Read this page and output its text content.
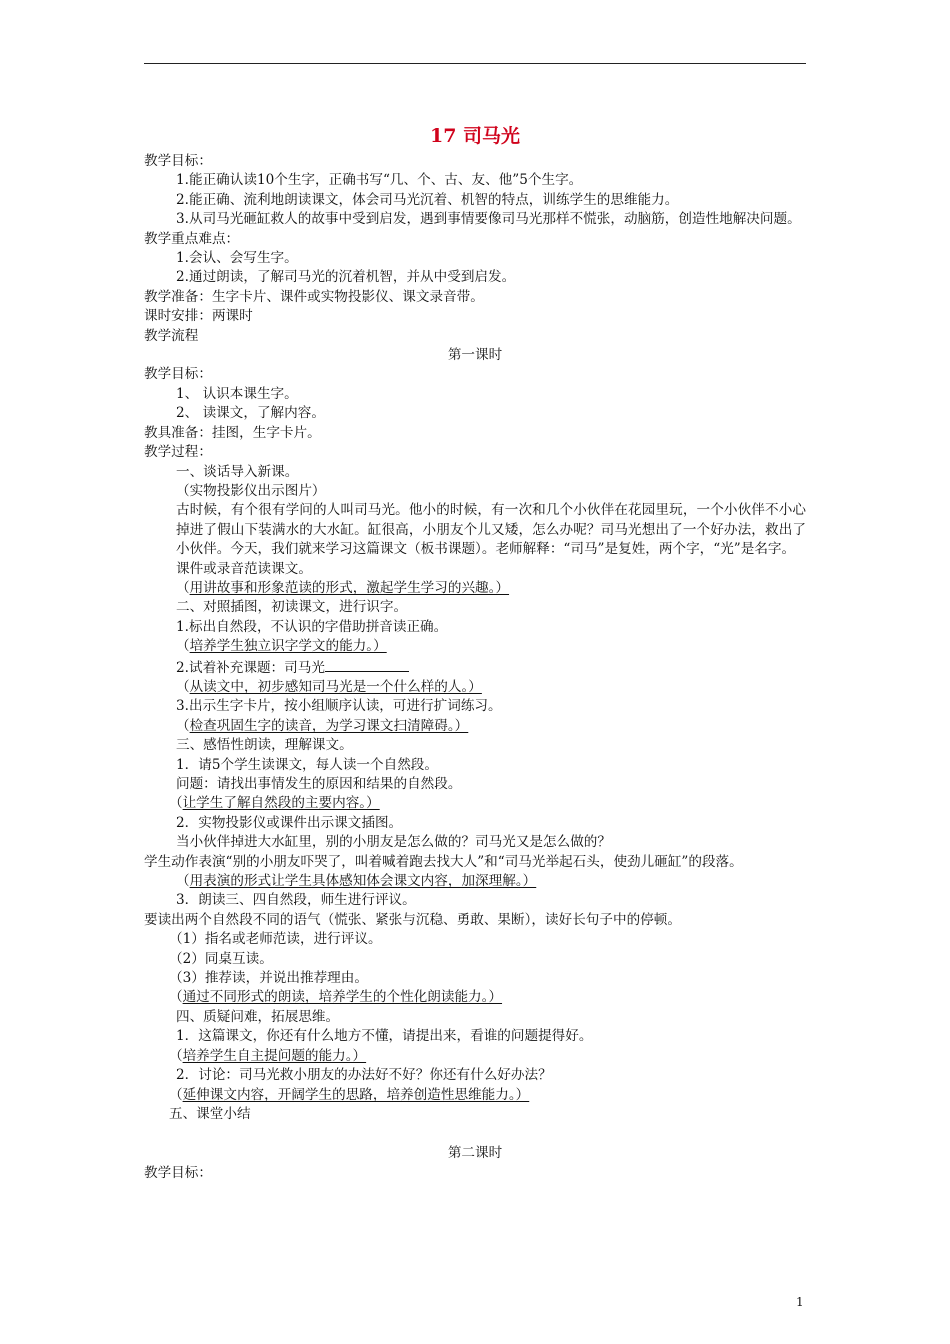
17 司马光
教学目标：
1.能正确认读10个生字，正确书写“几、个、古、友、他”5个生字。
2.能正确、流利地朗读课文，体会司马光沉着、机智的特点，训练学生的思维能力。
3.从司马光砸缸救人的故事中受到启发，遇到事情要像司马光那样不慌张，动脑筋，创造性地解决问题。
教学重点难点：
1.会认、会写生字。
2.通过朗读，了解司马光的沉着机智，并从中受到启发。
教学准备：生字卡片、课件或实物投影仪、课文录音带。
课时安排：两课时
教学流程
第一课时
教学目标：
1、 认识本课生字。
2、 读课文，了解内容。
教具准备：挂图，生字卡片。
教学过程：
一、谈话导入新课。
（实物投影仪出示图片）
古时候，有个很有学问的人叫司马光。他小的时候，有一次和几个小伙伴在花园里玩，一个小伙伴不小心掉进了假山下装满水的大水缸。缸很高，小朋友个儿又矮，怎么办呢？司马光想出了一个好办法，救出了小伙伴。今天，我们就来学习这篇课文（板书课题）。老师解释：“司马”是复姓，两个字，“光”是名字。
课件或录音范读课文。
（用讲故事和形象范读的形式，激起学生学习的兴趣。）
二、对照插图，初读课文，进行识字。
1.标出自然段，不认识的字借助拼音读正确。
（培养学生独立识字学文的能力。）
2.试着补充课题：司马光
（从读文中，初步感知司马光是一个什么样的人。）
3.出示生字卡片，按小组顺序认读，可进行扩词练习。
（检查巩固生字的读音，为学习课文扫清障碍。）
三、感悟性朗读，理解课文。
1．请5个学生读课文，每人读一个自然段。
问题：请找出事情发生的原因和结果的自然段。
（让学生了解自然段的主要内容。）
2．实物投影仪或课件出示课文插图。
当小伙伴掉进大水缸里，别的小朋友是怎么做的？司马光又是怎么做的？
学生动作表演“别的小朋友吓哭了，叫着喊着跑去找大人”和“司马光举起石头，使劲儿砸缸”的段落。
（用表演的形式让学生具体感知体会课文内容，加深理解。）
3．朗读三、四自然段，师生进行评议。
要读出两个自然段不同的语气（慌张、紧张与沉稳、勇敢、果断），读好长句子中的停顿。
（1）指名或老师范读，进行评议。
（2）同桌互读。
（3）推荐读，并说出推荐理由。
（通过不同形式的朗读，培养学生的个性化朗读能力。）
四、质疑问难，拓展思维。
1．这篇课文，你还有什么地方不懂，请提出来，看谁的问题提得好。
（培养学生自主提问题的能力。）
2．讨论：司马光救小朋友的办法好不好？你还有什么好办法？
（延伸课文内容，开阔学生的思路，培养创造性思维能力。）
五、课堂小结
第二课时
教学目标：
1
